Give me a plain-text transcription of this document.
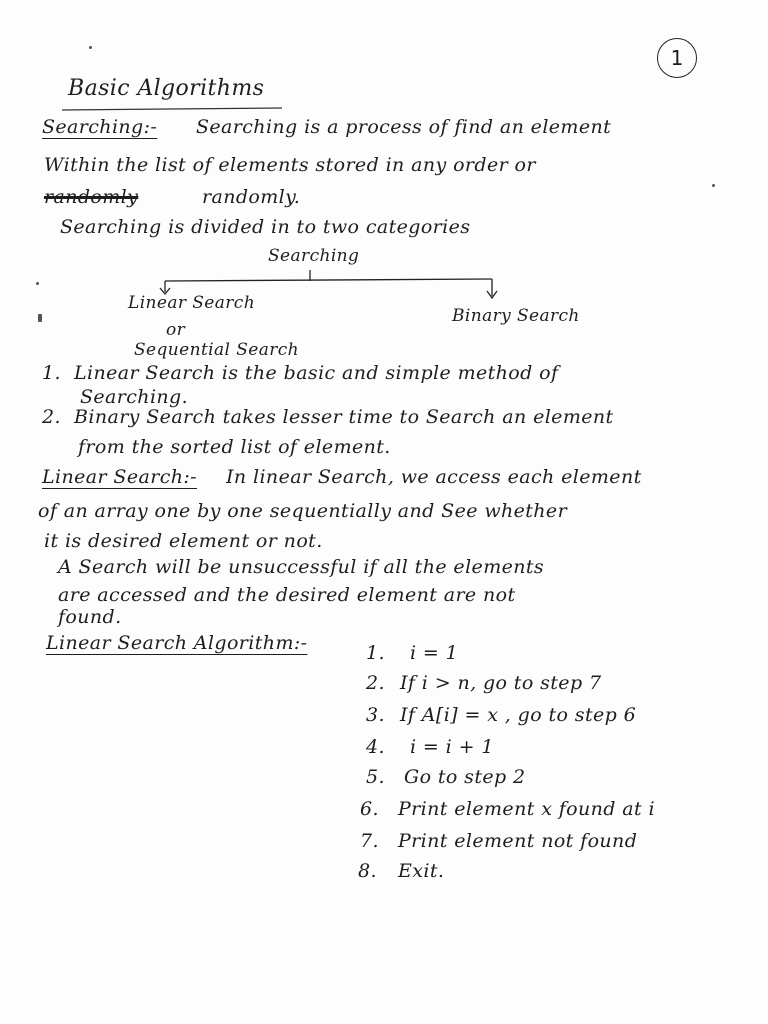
1
Basic Algorithms
Searching:- Searching is a process of find an element
Within the list of elements stored in any order or
randomly	randomly.
Searching is divided in to two categories
Searching
Linear Search
or
Sequential Search
Binary Search
1. Linear Search is the basic and simple method of
Searching.
2. Binary Search takes lesser time to Search an element
from the sorted list of element.
Linear Search:- In linear Search, we access each element
of an array one by one sequentially and See whether
it is desired element or not.
A Search will be unsuccessful if all the elements
are accessed and the desired element are not
found.
Linear Search Algorithm:-	1. i = 1
2. If i > n, go to step 7
3. If A[i] = x , go to step 6
4. i = i + 1
5. Go to step 2
6. Print element x found at i
7. Print element not found
8. Exit.
